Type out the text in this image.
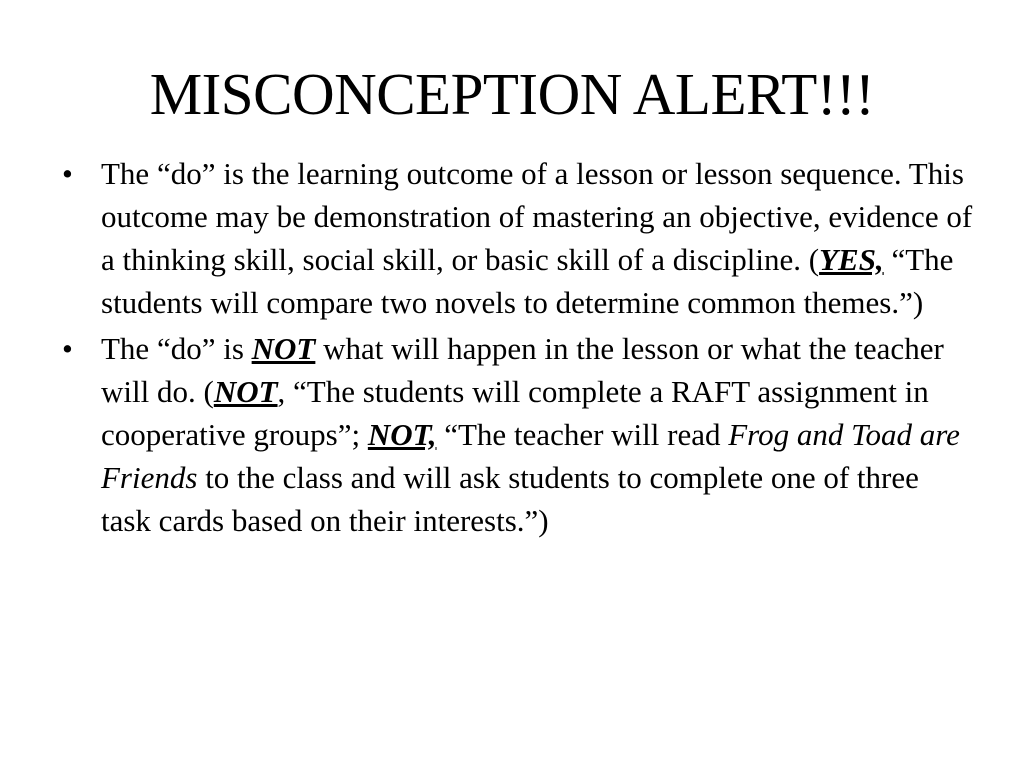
MISCONCEPTION ALERT!!!
• The “do” is the learning outcome of a lesson or lesson sequence. This outcome may be demonstration of mastering an objective, evidence of a thinking skill, social skill, or basic skill of a discipline. (YES, “The students will compare two novels to determine common themes.”)
• The “do” is NOT what will happen in the lesson or what the teacher will do. (NOT, “The students will complete a RAFT assignment in cooperative groups”; NOT, “The teacher will read Frog and Toad are Friends to the class and will ask students to complete one of three task cards based on their interests.”)
